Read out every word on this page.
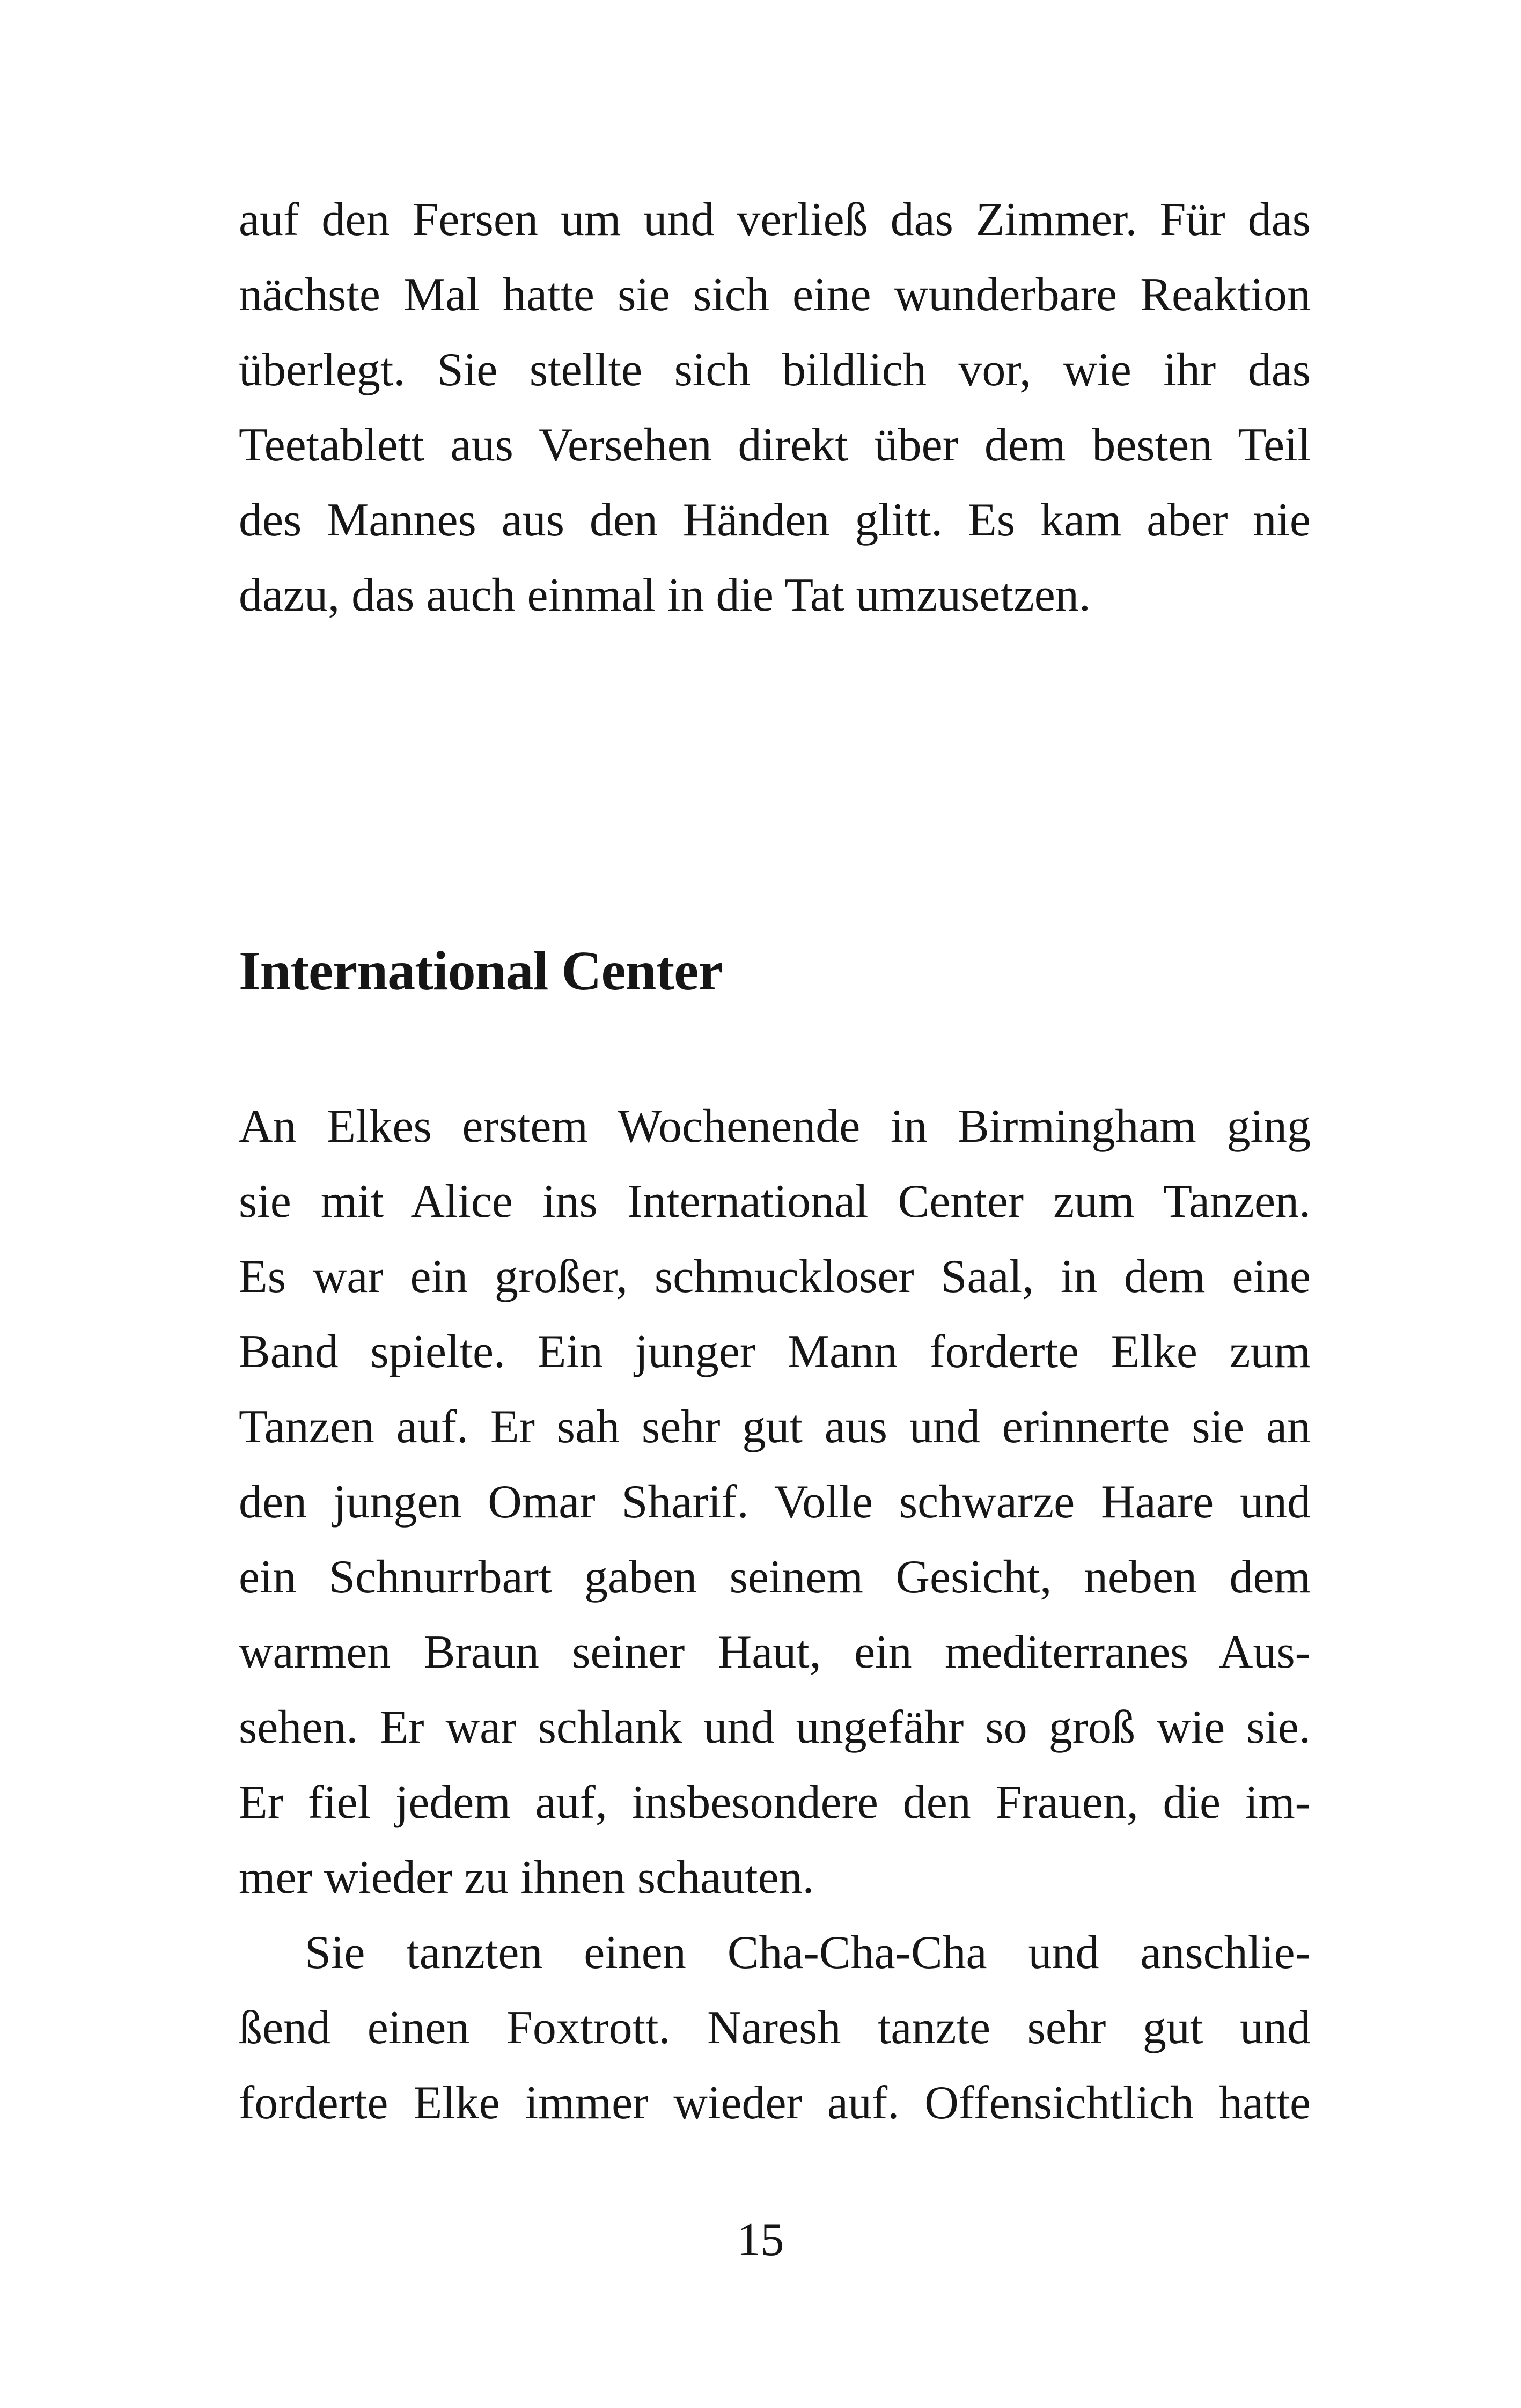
auf den Fersen um und verließ das Zimmer. Für das
nächste Mal hatte sie sich eine wunderbare Reaktion
überlegt. Sie stellte sich bildlich vor, wie ihr das
Teetablett aus Versehen direkt über dem besten Teil
des Mannes aus den Händen glitt. Es kam aber nie
dazu, das auch einmal in die Tat umzusetzen.
International Center
An Elkes erstem Wochenende in Birmingham ging
sie mit Alice ins International Center zum Tanzen.
Es war ein großer, schmuckloser Saal, in dem eine
Band spielte. Ein junger Mann forderte Elke zum
Tanzen auf. Er sah sehr gut aus und erinnerte sie an
den jungen Omar Sharif. Volle schwarze Haare und
ein Schnurrbart gaben seinem Gesicht, neben dem
warmen Braun seiner Haut, ein mediterranes Aus-
sehen. Er war schlank und ungefähr so groß wie sie.
Er fiel jedem auf, insbesondere den Frauen, die im-
mer wieder zu ihnen schauten.
Sie tanzten einen Cha-Cha-Cha und anschlie-
ßend einen Foxtrott. Naresh tanzte sehr gut und
forderte Elke immer wieder auf. Offensichtlich hatte
15
